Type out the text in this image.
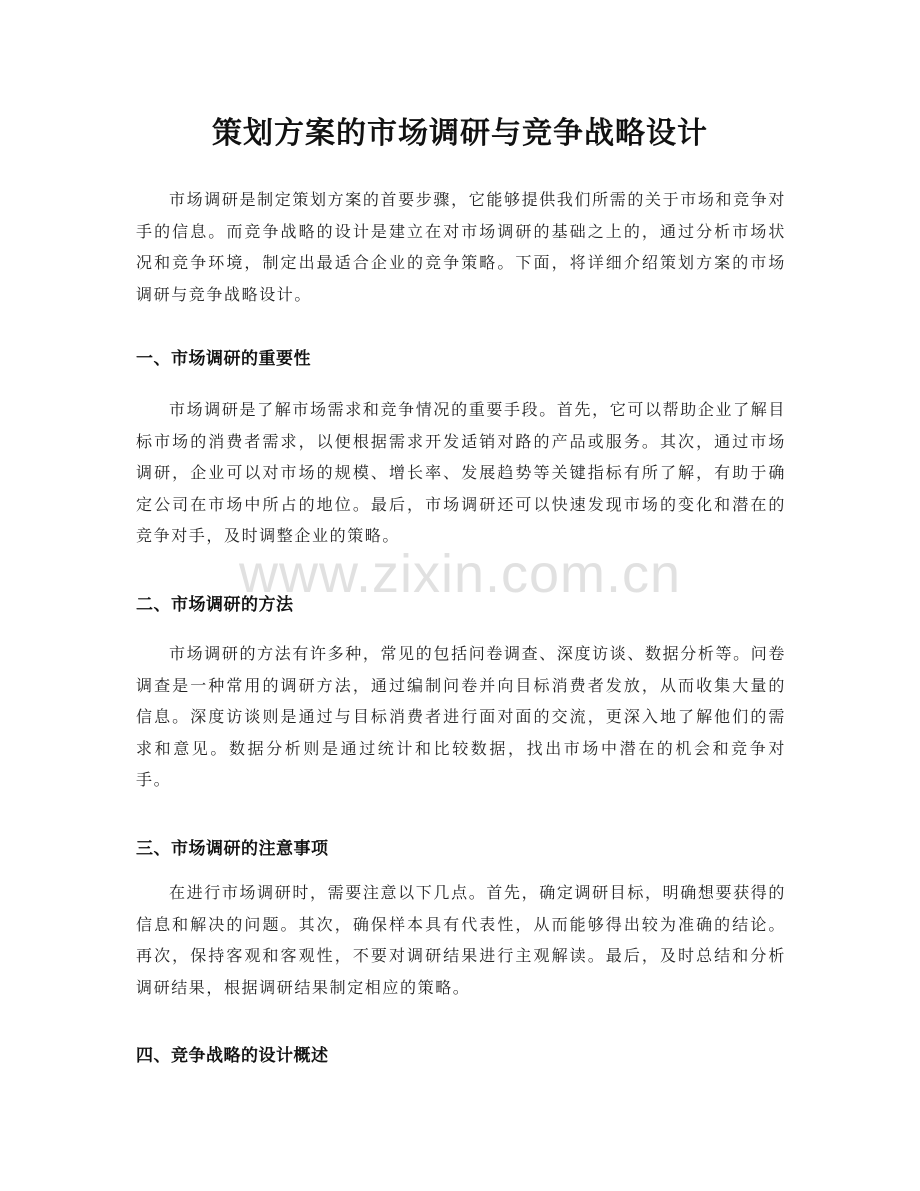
策划方案的市场调研与竞争战略设计

市场调研是制定策划方案的首要步骤，它能够提供我们所需的关于市场和竞争对手的信息。而竞争战略的设计是建立在对市场调研的基础之上的，通过分析市场状况和竞争环境，制定出最适合企业的竞争策略。下面，将详细介绍策划方案的市场调研与竞争战略设计。

一、市场调研的重要性

市场调研是了解市场需求和竞争情况的重要手段。首先，它可以帮助企业了解目标市场的消费者需求，以便根据需求开发适销对路的产品或服务。其次，通过市场调研，企业可以对市场的规模、增长率、发展趋势等关键指标有所了解，有助于确定公司在市场中所占的地位。最后，市场调研还可以快速发现市场的变化和潜在的竞争对手，及时调整企业的策略。

二、市场调研的方法

市场调研的方法有许多种，常见的包括问卷调查、深度访谈、数据分析等。问卷调查是一种常用的调研方法，通过编制问卷并向目标消费者发放，从而收集大量的信息。深度访谈则是通过与目标消费者进行面对面的交流，更深入地了解他们的需求和意见。数据分析则是通过统计和比较数据，找出市场中潜在的机会和竞争对手。

三、市场调研的注意事项

在进行市场调研时，需要注意以下几点。首先，确定调研目标，明确想要获得的信息和解决的问题。其次，确保样本具有代表性，从而能够得出较为准确的结论。再次，保持客观和客观性，不要对调研结果进行主观解读。最后，及时总结和分析调研结果，根据调研结果制定相应的策略。

四、竞争战略的设计概述
www.zixin.com.cn
